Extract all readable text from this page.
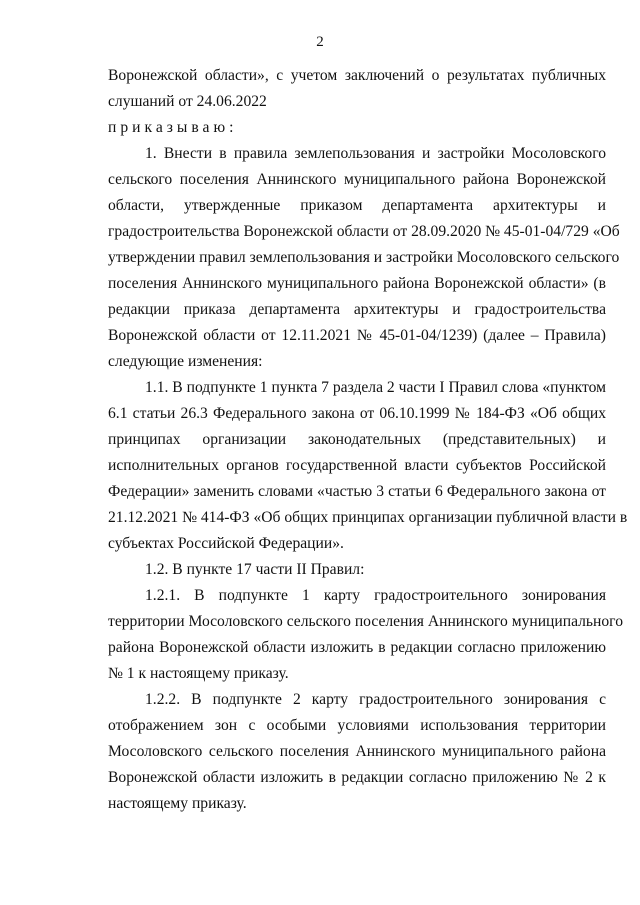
2
Воронежской области», с учетом заключений о результатах публичных
слушаний от 24.06.2022
приказываю:
1. Внести в правила землепользования и застройки Мосоловского
сельского поселения Аннинского муниципального района Воронежской
области, утвержденные приказом департамента архитектуры и
градостроительства Воронежской области от 28.09.2020 № 45-01-04/729 «Об
утверждении правил землепользования и застройки Мосоловского сельского
поселения Аннинского муниципального района Воронежской области» (в
редакции приказа департамента архитектуры и градостроительства
Воронежской области от 12.11.2021 № 45-01-04/1239) (далее – Правила)
следующие изменения:
1.1. В подпункте 1 пункта 7 раздела 2 части I Правил слова «пунктом
6.1 статьи 26.3 Федерального закона от 06.10.1999 № 184-ФЗ «Об общих
принципах организации законодательных (представительных) и
исполнительных органов государственной власти субъектов Российской
Федерации» заменить словами «частью 3 статьи 6 Федерального закона от
21.12.2021 № 414-ФЗ «Об общих принципах организации публичной власти в
субъектах Российской Федерации».
1.2. В пункте 17 части II Правил:
1.2.1. В подпункте 1 карту градостроительного зонирования
территории Мосоловского сельского поселения Аннинского муниципального
района Воронежской области изложить в редакции согласно приложению
№ 1 к настоящему приказу.
1.2.2. В подпункте 2 карту градостроительного зонирования с
отображением зон с особыми условиями использования территории
Мосоловского сельского поселения Аннинского муниципального района
Воронежской области изложить в редакции согласно приложению № 2 к
настоящему приказу.
